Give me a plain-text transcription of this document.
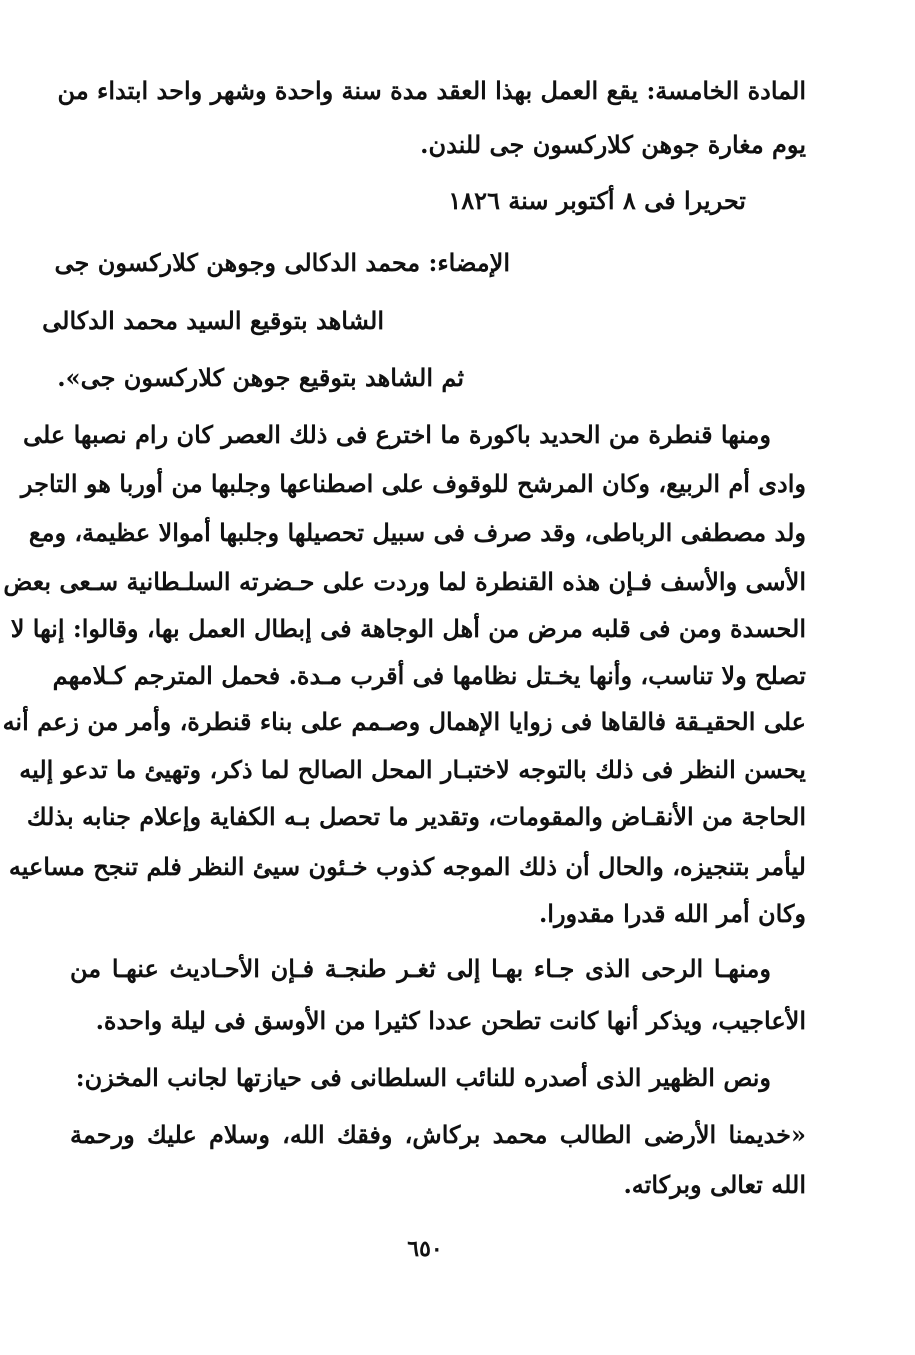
المادة الخامسة: يقع العمل بهذا العقد مدة سنة واحدة وشهر واحد ابتداء من
يوم مغارة جوهن كلاركسون جى للندن.
تحريرا فى ٨ أكتوبر سنة ١٨٢٦
الإمضاء: محمد الدكالى وجوهن كلاركسون جى
الشاهد بتوقيع السيد محمد الدكالى
ثم الشاهد بتوقيع جوهن كلاركسون جى».
ومنها قنطرة من الحديد باكورة ما اخترع فى ذلك العصر كان رام نصبها على
وادى أم الربيع، وكان المرشح للوقوف على اصطناعها وجلبها من أوربا هو التاجر
ولد مصطفى الرباطى، وقد صرف فى سبيل تحصيلها وجلبها أموالا عظيمة، ومع
الأسى والأسف فـإن هذه القنطرة لما وردت على حـضرته السلـطانية سـعى بعض
الحسدة ومن فى قلبه مرض من أهل الوجاهة فى إبطال العمل بها، وقالوا: إنها لا
تصلح ولا تناسب، وأنها يخـتل نظامها فى أقرب مـدة. فحمل المترجم كـلامهم
على الحقيـقة فالقاها فى زوايا الإهمال وصـمم على بناء قنطرة، وأمر من زعم أنه
يحسن النظر فى ذلك بالتوجه لاختبـار المحل الصالح لما ذكر، وتهيئ ما تدعو إليه
الحاجة من الأنقـاض والمقومات، وتقدير ما تحصل بـه الكفاية وإعلام جنابه بذلك
ليأمر بتنجيزه، والحال أن ذلك الموجه كذوب خـئون سيئ النظر فلم تنجح مساعيه
وكان أمر الله قدرا مقدورا.
ومنهـا الرحى الذى جـاء بهـا إلى ثغـر طنجـة فـإن الأحـاديث عنهـا من
الأعاجيب، ويذكر أنها كانت تطحن عددا كثيرا من الأوسق فى ليلة واحدة.
ونص الظهير الذى أصدره للنائب السلطانى فى حيازتها لجانب المخزن:
«خديمنا الأرضى الطالب محمد بركاش، وفقك الله، وسلام عليك ورحمة
الله تعالى وبركاته.
٦٥٠
